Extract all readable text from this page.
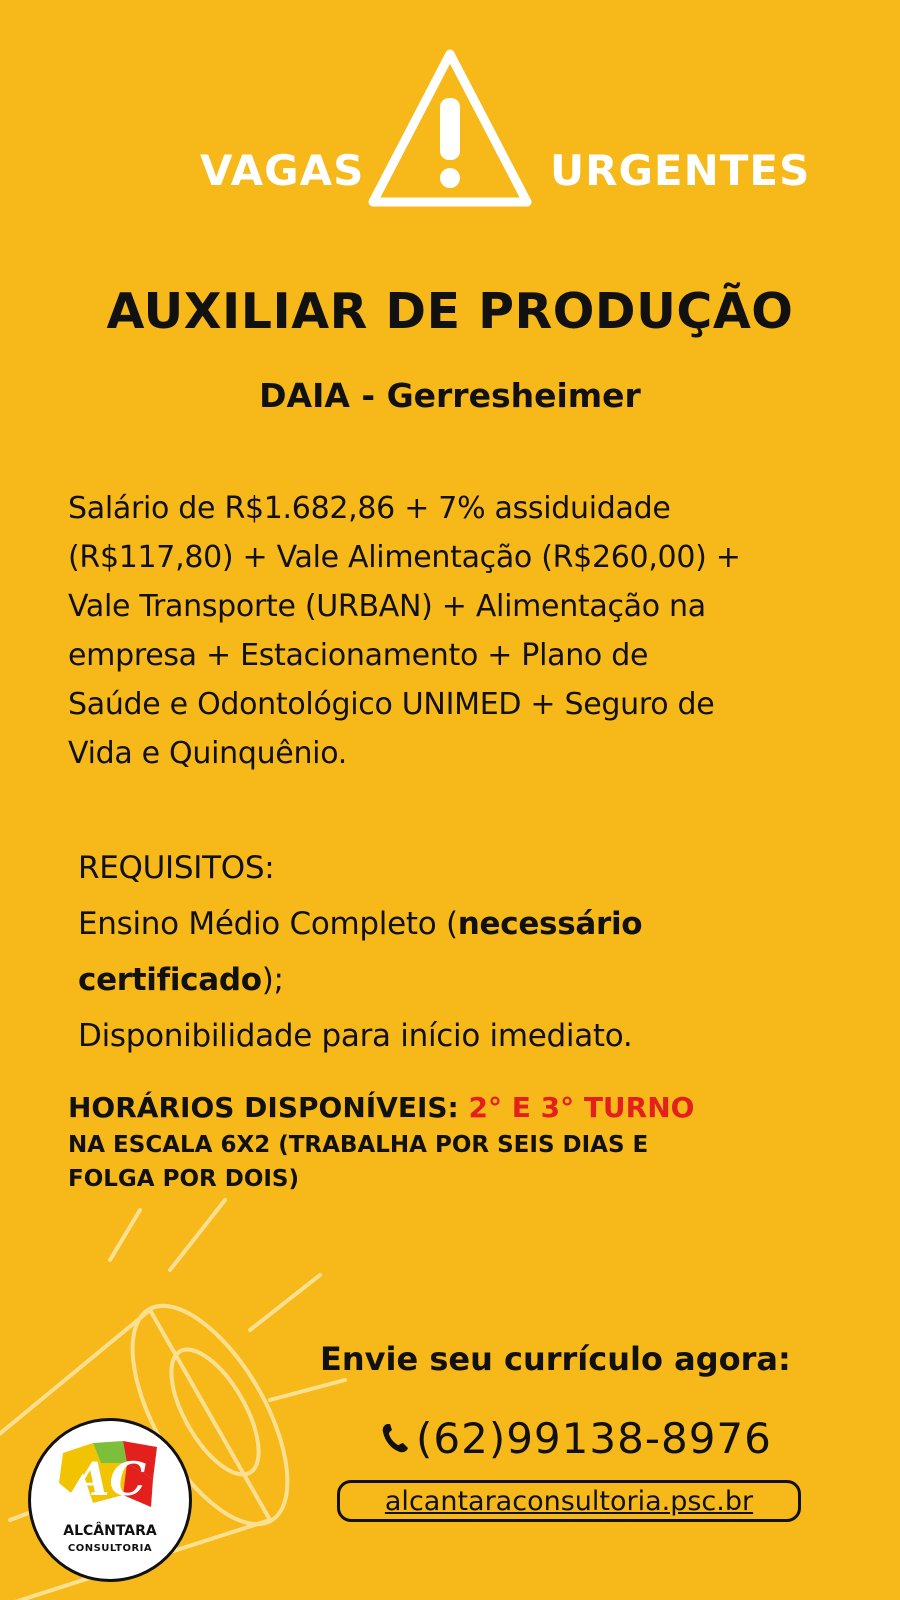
VAGAS	URGENTES
AUXILIAR DE PRODUÇÃO
DAIA - Gerresheimer
Salário de R$1.682,86 + 7% assiduidade
(R$117,80) + Vale Alimentação (R$260,00) +
Vale Transporte (URBAN) + Alimentação na
empresa + Estacionamento + Plano de
Saúde e Odontológico UNIMED + Seguro de
Vida e Quinquênio.
REQUISITOS:
Ensino Médio Completo (necessário
certificado);
Disponibilidade para início imediato.
HORÁRIOS DISPONÍVEIS: 2° E 3° TURNO
NA ESCALA 6X2 (TRABALHA POR SEIS DIAS E
FOLGA POR DOIS)
Envie seu currículo agora:
(62)99138-8976
alcantaraconsultoria.psc.br
AC
ALCÂNTARA
CONSULTORIA
